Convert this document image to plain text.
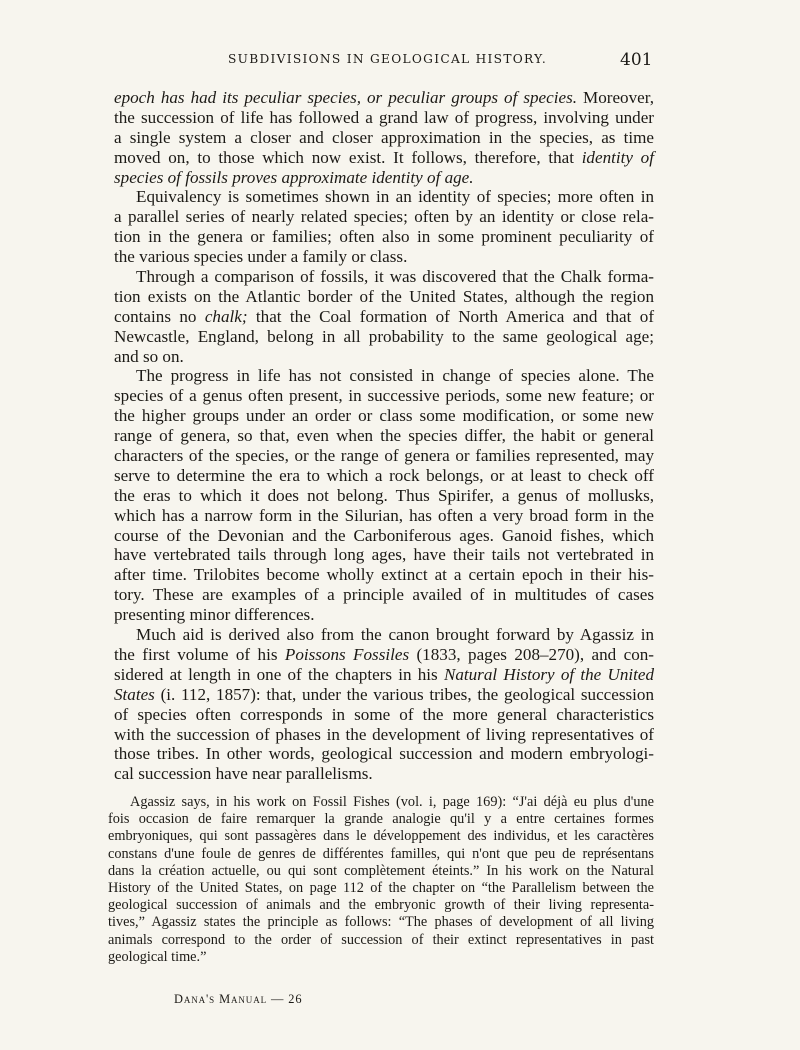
SUBDIVISIONS IN GEOLOGICAL HISTORY.	401
epoch has had its peculiar species, or peculiar groups of species. Moreover,
the succession of life has followed a grand law of progress, involving under
a single system a closer and closer approximation in the species, as time
moved on, to those which now exist. It follows, therefore, that identity of
species of fossils proves approximate identity of age.
Equivalency is sometimes shown in an identity of species; more often in
a parallel series of nearly related species; often by an identity or close rela-
tion in the genera or families; often also in some prominent peculiarity of
the various species under a family or class.
Through a comparison of fossils, it was discovered that the Chalk forma-
tion exists on the Atlantic border of the United States, although the region
contains no chalk; that the Coal formation of North America and that of
Newcastle, England, belong in all probability to the same geological age;
and so on.
The progress in life has not consisted in change of species alone. The
species of a genus often present, in successive periods, some new feature; or
the higher groups under an order or class some modification, or some new
range of genera, so that, even when the species differ, the habit or general
characters of the species, or the range of genera or families represented, may
serve to determine the era to which a rock belongs, or at least to check off
the eras to which it does not belong. Thus Spirifer, a genus of mollusks,
which has a narrow form in the Silurian, has often a very broad form in the
course of the Devonian and the Carboniferous ages. Ganoid fishes, which
have vertebrated tails through long ages, have their tails not vertebrated in
after time. Trilobites become wholly extinct at a certain epoch in their his-
tory. These are examples of a principle availed of in multitudes of cases
presenting minor differences.
Much aid is derived also from the canon brought forward by Agassiz in
the first volume of his Poissons Fossiles (1833, pages 208–270), and con-
sidered at length in one of the chapters in his Natural History of the United
States (i. 112, 1857): that, under the various tribes, the geological succession
of species often corresponds in some of the more general characteristics
with the succession of phases in the development of living representatives of
those tribes. In other words, geological succession and modern embryologi-
cal succession have near parallelisms.
Agassiz says, in his work on Fossil Fishes (vol. i, page 169): “J'ai déjà eu plus d'une
fois occasion de faire remarquer la grande analogie qu'il y a entre certaines formes
embryoniques, qui sont passagères dans le développement des individus, et les caractères
constans d'une foule de genres de différentes familles, qui n'ont que peu de représentans
dans la création actuelle, ou qui sont complètement éteints.” In his work on the Natural
History of the United States, on page 112 of the chapter on “the Parallelism between the
geological succession of animals and the embryonic growth of their living representa-
tives,” Agassiz states the principle as follows: “The phases of development of all living
animals correspond to the order of succession of their extinct representatives in past
geological time.”
Dana's Manual — 26
